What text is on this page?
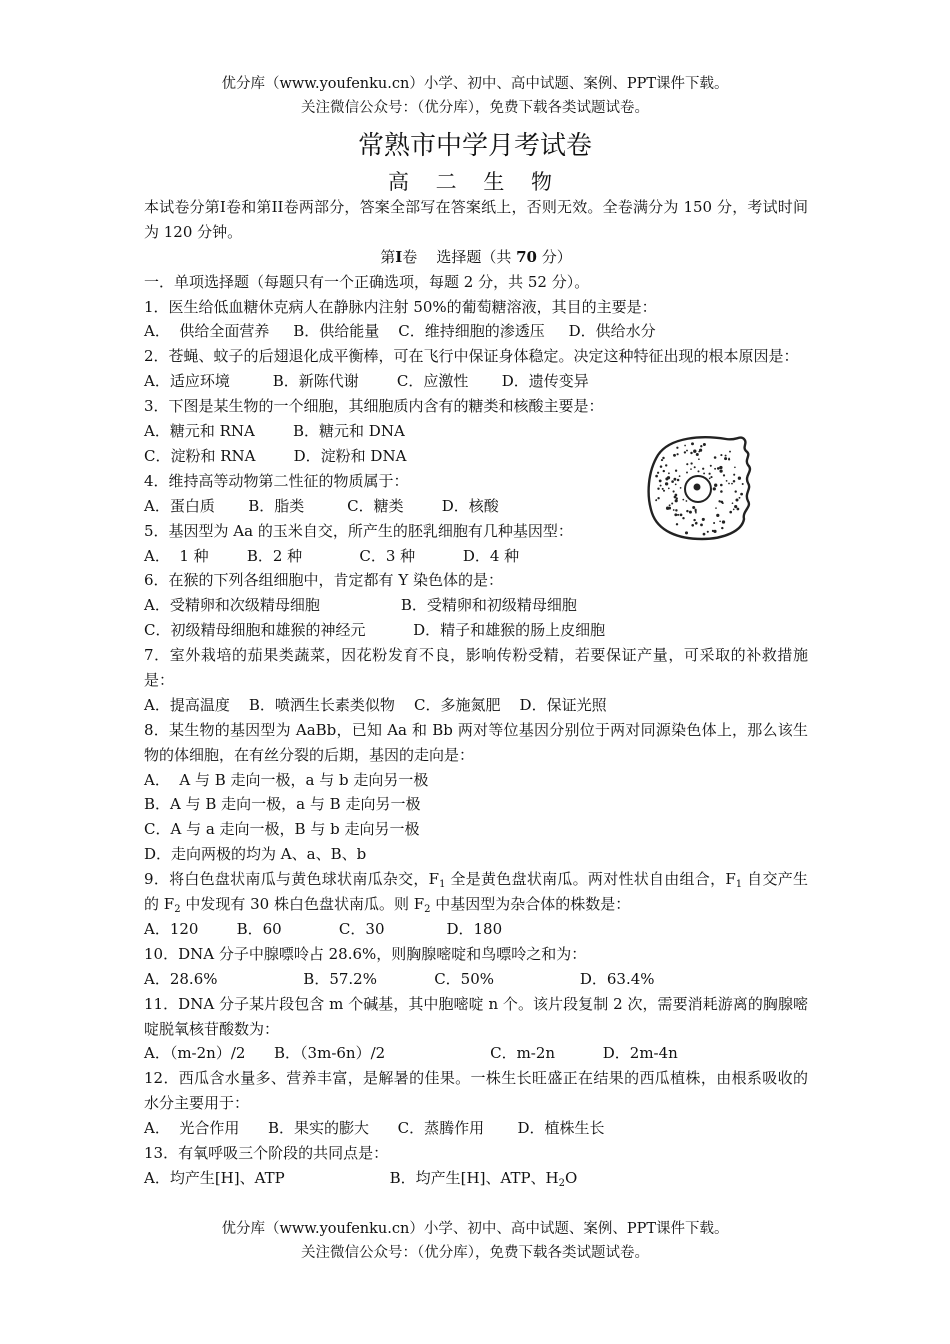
优分库（www.youfenku.cn）小学、初中、高中试题、案例、PPT课件下载。
关注微信公众号：（优分库），免费下载各类试题试卷。
常熟市中学月考试卷
高 二 生 物
本试卷分第I卷和第II卷两部分，答案全部写在答案纸上，否则无效。全卷满分为 150 分，考试时间为 120 分钟。
第I卷    选择题（共 70 分）
一．单项选择题（每题只有一个正确选项，每题 2 分，共 52 分）。
1．医生给低血糖休克病人在静脉内注射 50%的葡萄糖溶液，其目的主要是：
A．  供给全面营养     B．供给能量    C．维持细胞的渗透压     D．供给水分
2．苍蝇、蚊子的后翅退化成平衡棒，可在飞行中保证身体稳定。决定这种特征出现的根本原因是：
A．适应环境         B．新陈代谢        C．应激性       D．遗传变异
3．下图是某生物的一个细胞，其细胞质内含有的糖类和核酸主要是：
A．糖元和 RNA        B．糖元和 DNA
C．淀粉和 RNA        D．淀粉和 DNA
4．维持高等动物第二性征的物质属于：
A．蛋白质       B．脂类         C．糖类        D．核酸
5．基因型为 Aa 的玉米自交，所产生的胚乳细胞有几种基因型：
A．  1 种        B．2 种            C．3 种          D．4 种
6．在猴的下列各组细胞中，肯定都有 Y 染色体的是：
A．受精卵和次级精母细胞                 B．受精卵和初级精母细胞
C．初级精母细胞和雄猴的神经元          D．精子和雄猴的肠上皮细胞
7．室外栽培的茄果类蔬菜，因花粉发育不良，影响传粉受精，若要保证产量，可采取的补救措施是：
A．提高温度    B．喷洒生长素类似物    C．多施氮肥    D．保证光照
8．某生物的基因型为 AaBb，已知 Aa 和 Bb 两对等位基因分别位于两对同源染色体上，那么该生物的体细胞，在有丝分裂的后期，基因的走向是：
A．  A 与 B 走向一极，a 与 b 走向另一极
B．A 与 B 走向一极，a 与 B 走向另一极
C．A 与 a 走向一极，B 与 b 走向另一极
D．走向两极的均为 A、a、B、b
9．将白色盘状南瓜与黄色球状南瓜杂交，$F_1$ 全是黄色盘状南瓜。两对性状自由组合，$F_1$ 自交产生的 $F_2$ 中发现有 30 株白色盘状南瓜。则 $F_2$ 中基因型为杂合体的株数是：
A．120        B．60            C．30             D．180
10．DNA 分子中腺嘌呤占 28.6%，则胸腺嘧啶和鸟嘌呤之和为：
A．28.6%                  B．57.2%            C．50%                  D．63.4%
11．DNA 分子某片段包含 m 个碱基，其中胞嘧啶 n 个。该片段复制 2 次，需要消耗游离的胸腺嘧啶脱氧核苷酸数为：
A．（m-2n）/2      B．（3m-6n）/2                      C．m-2n          D．2m-4n
12．西瓜含水量多、营养丰富，是解暑的佳果。一株生长旺盛正在结果的西瓜植株，由根系吸收的水分主要用于：
A．  光合作用      B．果实的膨大      C．蒸腾作用       D．植株生长
13．有氧呼吸三个阶段的共同点是：
A．均产生[H]、ATP                      B．均产生[H]、ATP、$H_2O$
优分库（www.youfenku.cn）小学、初中、高中试题、案例、PPT课件下载。
关注微信公众号：（优分库），免费下载各类试题试卷。
